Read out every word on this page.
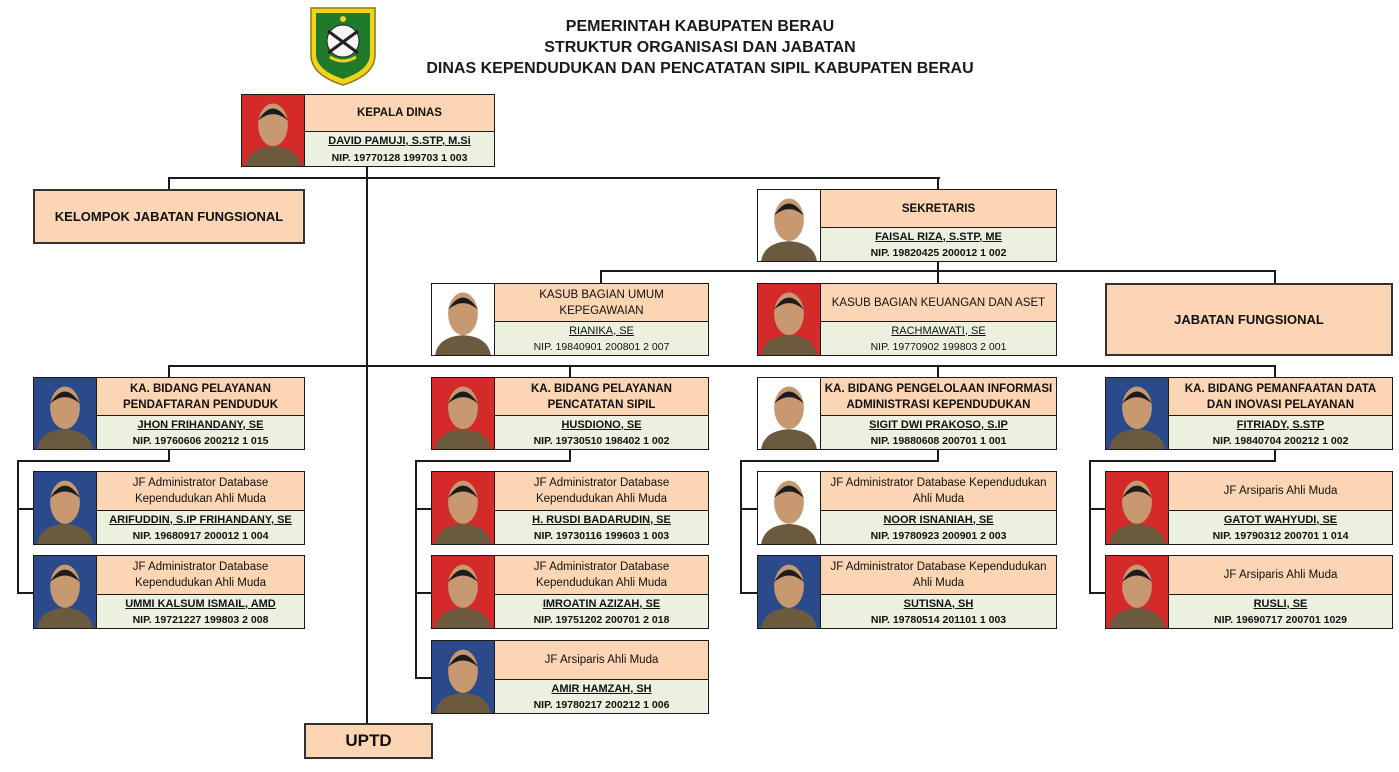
PEMERINTAH KABUPATEN BERAU
STRUKTUR ORGANISASI DAN JABATAN
DINAS KEPENDUDUKAN DAN PENCATATAN SIPIL KABUPATEN BERAU
KEPALA DINAS
DAVID PAMUJI, S.STP, M.Si
NIP. 19770128 199703 1 003
KELOMPOK JABATAN FUNGSIONAL
SEKRETARIS
FAISAL RIZA, S.STP, ME
NIP. 19820425 200012 1 002
KASUB BAGIAN UMUM KEPEGAWAIAN
RIANIKA, SE
NIP. 19840901 200801 2 007
KASUB BAGIAN KEUANGAN DAN ASET
RACHMAWATI, SE
NIP. 19770902 199803 2 001
JABATAN FUNGSIONAL
KA. BIDANG PELAYANAN PENDAFTARAN PENDUDUK
JHON FRIHANDANY, SE
NIP. 19760606 200212 1 015
KA. BIDANG PELAYANAN PENCATATAN SIPIL
HUSDIONO, SE
NIP. 19730510 198402 1 002
KA. BIDANG PENGELOLAAN INFORMASI ADMINISTRASI KEPENDUDUKAN
SIGIT DWI PRAKOSO, S.IP
NIP. 19880608 200701 1 001
KA. BIDANG PEMANFAATAN DATA DAN INOVASI PELAYANAN
FITRIADY, S.STP
NIP. 19840704 200212 1 002
JF Administrator Database Kependudukan Ahli Muda
ARIFUDDIN, S.IP FRIHANDANY, SE
NIP. 19680917 200012 1 004
JF Administrator Database Kependudukan Ahli Muda
UMMI KALSUM ISMAIL, AMD
NIP. 19721227 199803 2 008
JF Administrator Database Kependudukan Ahli Muda
H. RUSDI BADARUDIN, SE
NIP. 19730116 199603 1 003
JF Administrator Database Kependudukan Ahli Muda
IMROATIN AZIZAH, SE
NIP. 19751202 200701 2 018
JF Arsiparis Ahli Muda
AMIR HAMZAH, SH
NIP. 19780217 200212 1 006
JF Administrator Database Kependudukan Ahli Muda
NOOR ISNANIAH, SE
NIP. 19780923 200901 2 003
JF Administrator Database Kependudukan Ahli Muda
SUTISNA, SH
NIP. 19780514 201101 1 003
JF Arsiparis Ahli Muda
GATOT WAHYUDI, SE
NIP. 19790312 200701 1 014
JF Arsiparis Ahli Muda
RUSLI, SE
NIP. 19690717 200701 1029
UPTD
